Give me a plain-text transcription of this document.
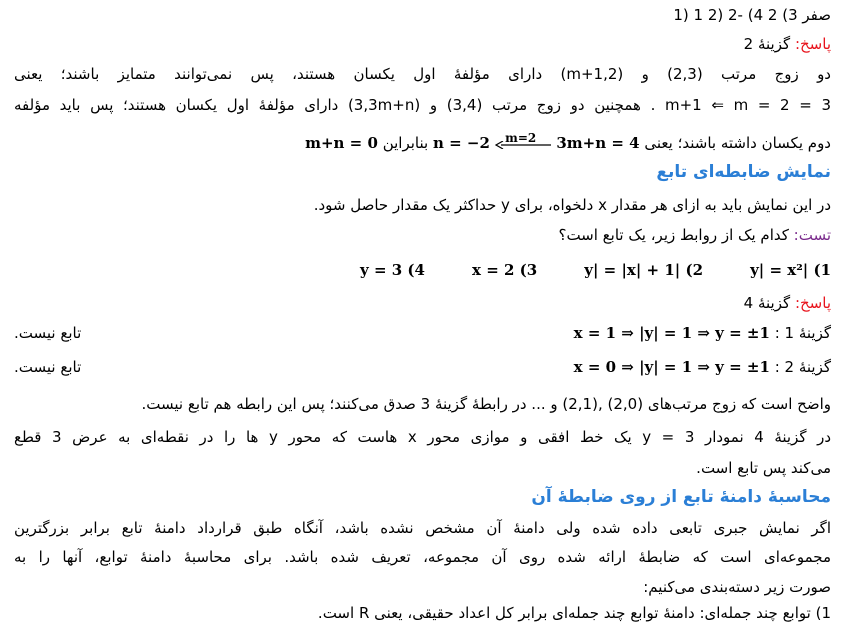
1) 1 2) صفر 3) 2 4) -2
پاسخ: گزینهٔ 2
دو زوج مرتب (2,3) و (2,m+1) دارای مؤلفهٔ اول یکسان هستند، پس نمی‌توانند متمایز باشند؛ یعنی
3 = m+1 ⇐ m = 2 . همچنین دو زوج مرتب (3,4) و (3,3m+n) دارای مؤلفهٔ اول یکسان هستند؛ پس باید مؤلفه
دوم یکسان داشته باشند؛ یعنی n = −2 m=2 3m+n = 4 بنابراین m+n = 0
نمایش ضابطه‌ای تابع
در این نمایش باید به ازای هر مقدار x دلخواه، برای y حداکثر یک مقدار حاصل شود.
تست: کدام یک از روابط زیر، یک تابع است؟
1) |y| = x²
2) |y| = |x| + 1
3) x = 2
4) y = 3
پاسخ: گزینهٔ 4
گزینهٔ 1 : x = 1 ⇒ |y| = 1 ⇒ y = ±1
تابع نیست.
گزینهٔ 2 : x = 0 ⇒ |y| = 1 ⇒ y = ±1
تابع نیست.
واضح است که زوج مرتب‌های (2,0) ,(2,1) و ... در رابطهٔ گزینهٔ 3 صدق می‌کنند؛ پس این رابطه هم تابع نیست.
در گزینهٔ 4 نمودار y = 3 یک خط افقی و موازی محور x هاست که محور y ها را در نقطه‌ای به عرض 3 قطع
می‌کند پس تابع است.
محاسبهٔ دامنهٔ تابع از روی ضابطهٔ آن
اگر نمایش جبری تابعی داده شده ولی دامنهٔ آن مشخص نشده باشد، آنگاه طبق قرارداد دامنهٔ تابع برابر بزرگترین
مجموعه‌ای است که ضابطهٔ ارائه شده روی آن مجموعه، تعریف شده باشد. برای محاسبهٔ دامنهٔ توابع، آنها را به
صورت زیر دسته‌بندی می‌کنیم:
1) توابع چند جمله‌ای: دامنهٔ توابع چند جمله‌ای برابر کل اعداد حقیقی، یعنی R است.
